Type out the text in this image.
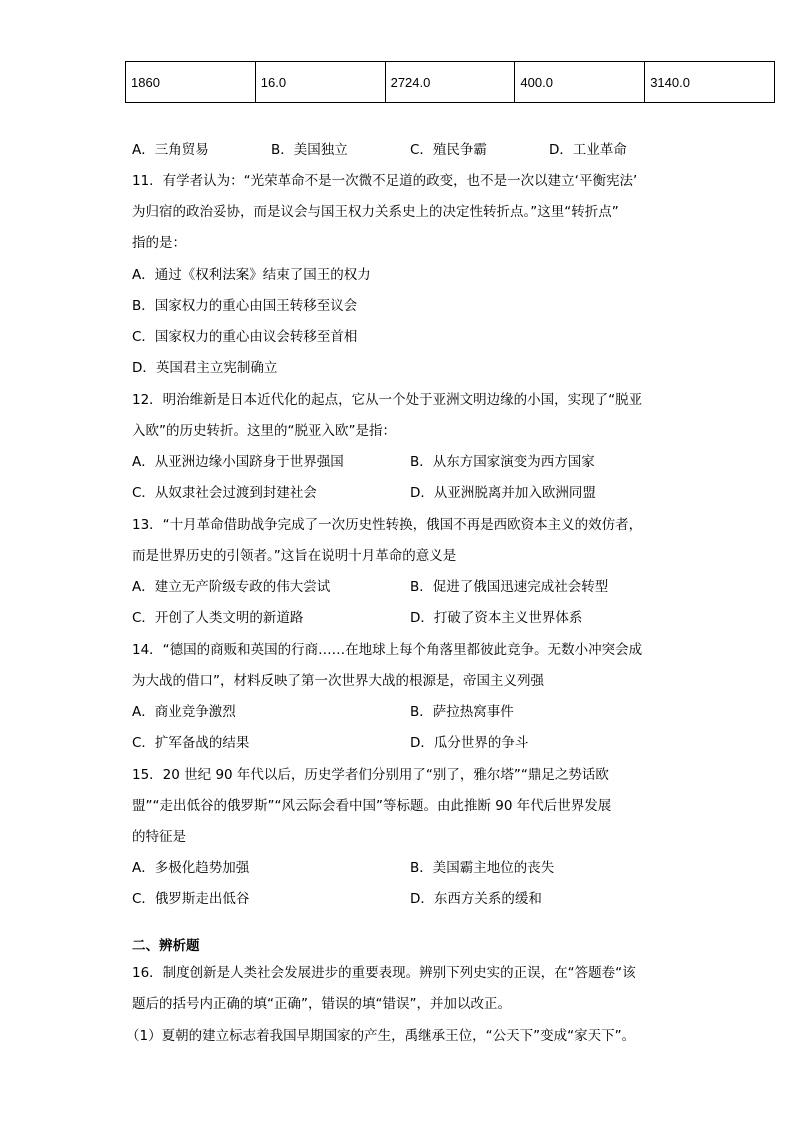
1860	16.0	2724.0	400.0	3140.0
A．三角贸易	B．美国独立	C．殖民争霸	D．工业革命
11．有学者认为：“光荣革命不是一次微不足道的政变，也不是一次以建立‘平衡宪法’
为归宿的政治妥协，而是议会与国王权力关系史上的决定性转折点。”这里“转折点”
指的是：
A．通过《权利法案》结束了国王的权力
B．国家权力的重心由国王转移至议会
C．国家权力的重心由议会转移至首相
D．英国君主立宪制确立
12．明治维新是日本近代化的起点，它从一个处于亚洲文明边缘的小国，实现了“脱亚
入欧”的历史转折。这里的“脱亚入欧”是指：
A．从亚洲边缘小国跻身于世界强国	B．从东方国家演变为西方国家
C．从奴隶社会过渡到封建社会	D．从亚洲脱离并加入欧洲同盟
13．“十月革命借助战争完成了一次历史性转换，俄国不再是西欧资本主义的效仿者，
而是世界历史的引领者。”这旨在说明十月革命的意义是
A．建立无产阶级专政的伟大尝试	B．促进了俄国迅速完成社会转型
C．开创了人类文明的新道路	D．打破了资本主义世界体系
14．“德国的商贩和英国的行商……在地球上每个角落里都彼此竞争。无数小冲突会成
为大战的借口”，材料反映了第一次世界大战的根源是，帝国主义列强
A．商业竞争激烈	B．萨拉热窝事件
C．扩军备战的结果	D．瓜分世界的争斗
15．20 世纪 90 年代以后，历史学者们分别用了“别了，雅尔塔”“鼎足之势话欧
盟”“走出低谷的俄罗斯”“风云际会看中国”等标题。由此推断 90 年代后世界发展
的特征是
A．多极化趋势加强	B．美国霸主地位的丧失
C．俄罗斯走出低谷	D．东西方关系的缓和
二、辨析题
16．制度创新是人类社会发展进步的重要表现。辨别下列史实的正误，在“答题卷“该
题后的括号内正确的填“正确”，错误的填“错误”，并加以改正。
（1）夏朝的建立标志着我国早期国家的产生，禹继承王位，“公天下”变成“家天下”。
